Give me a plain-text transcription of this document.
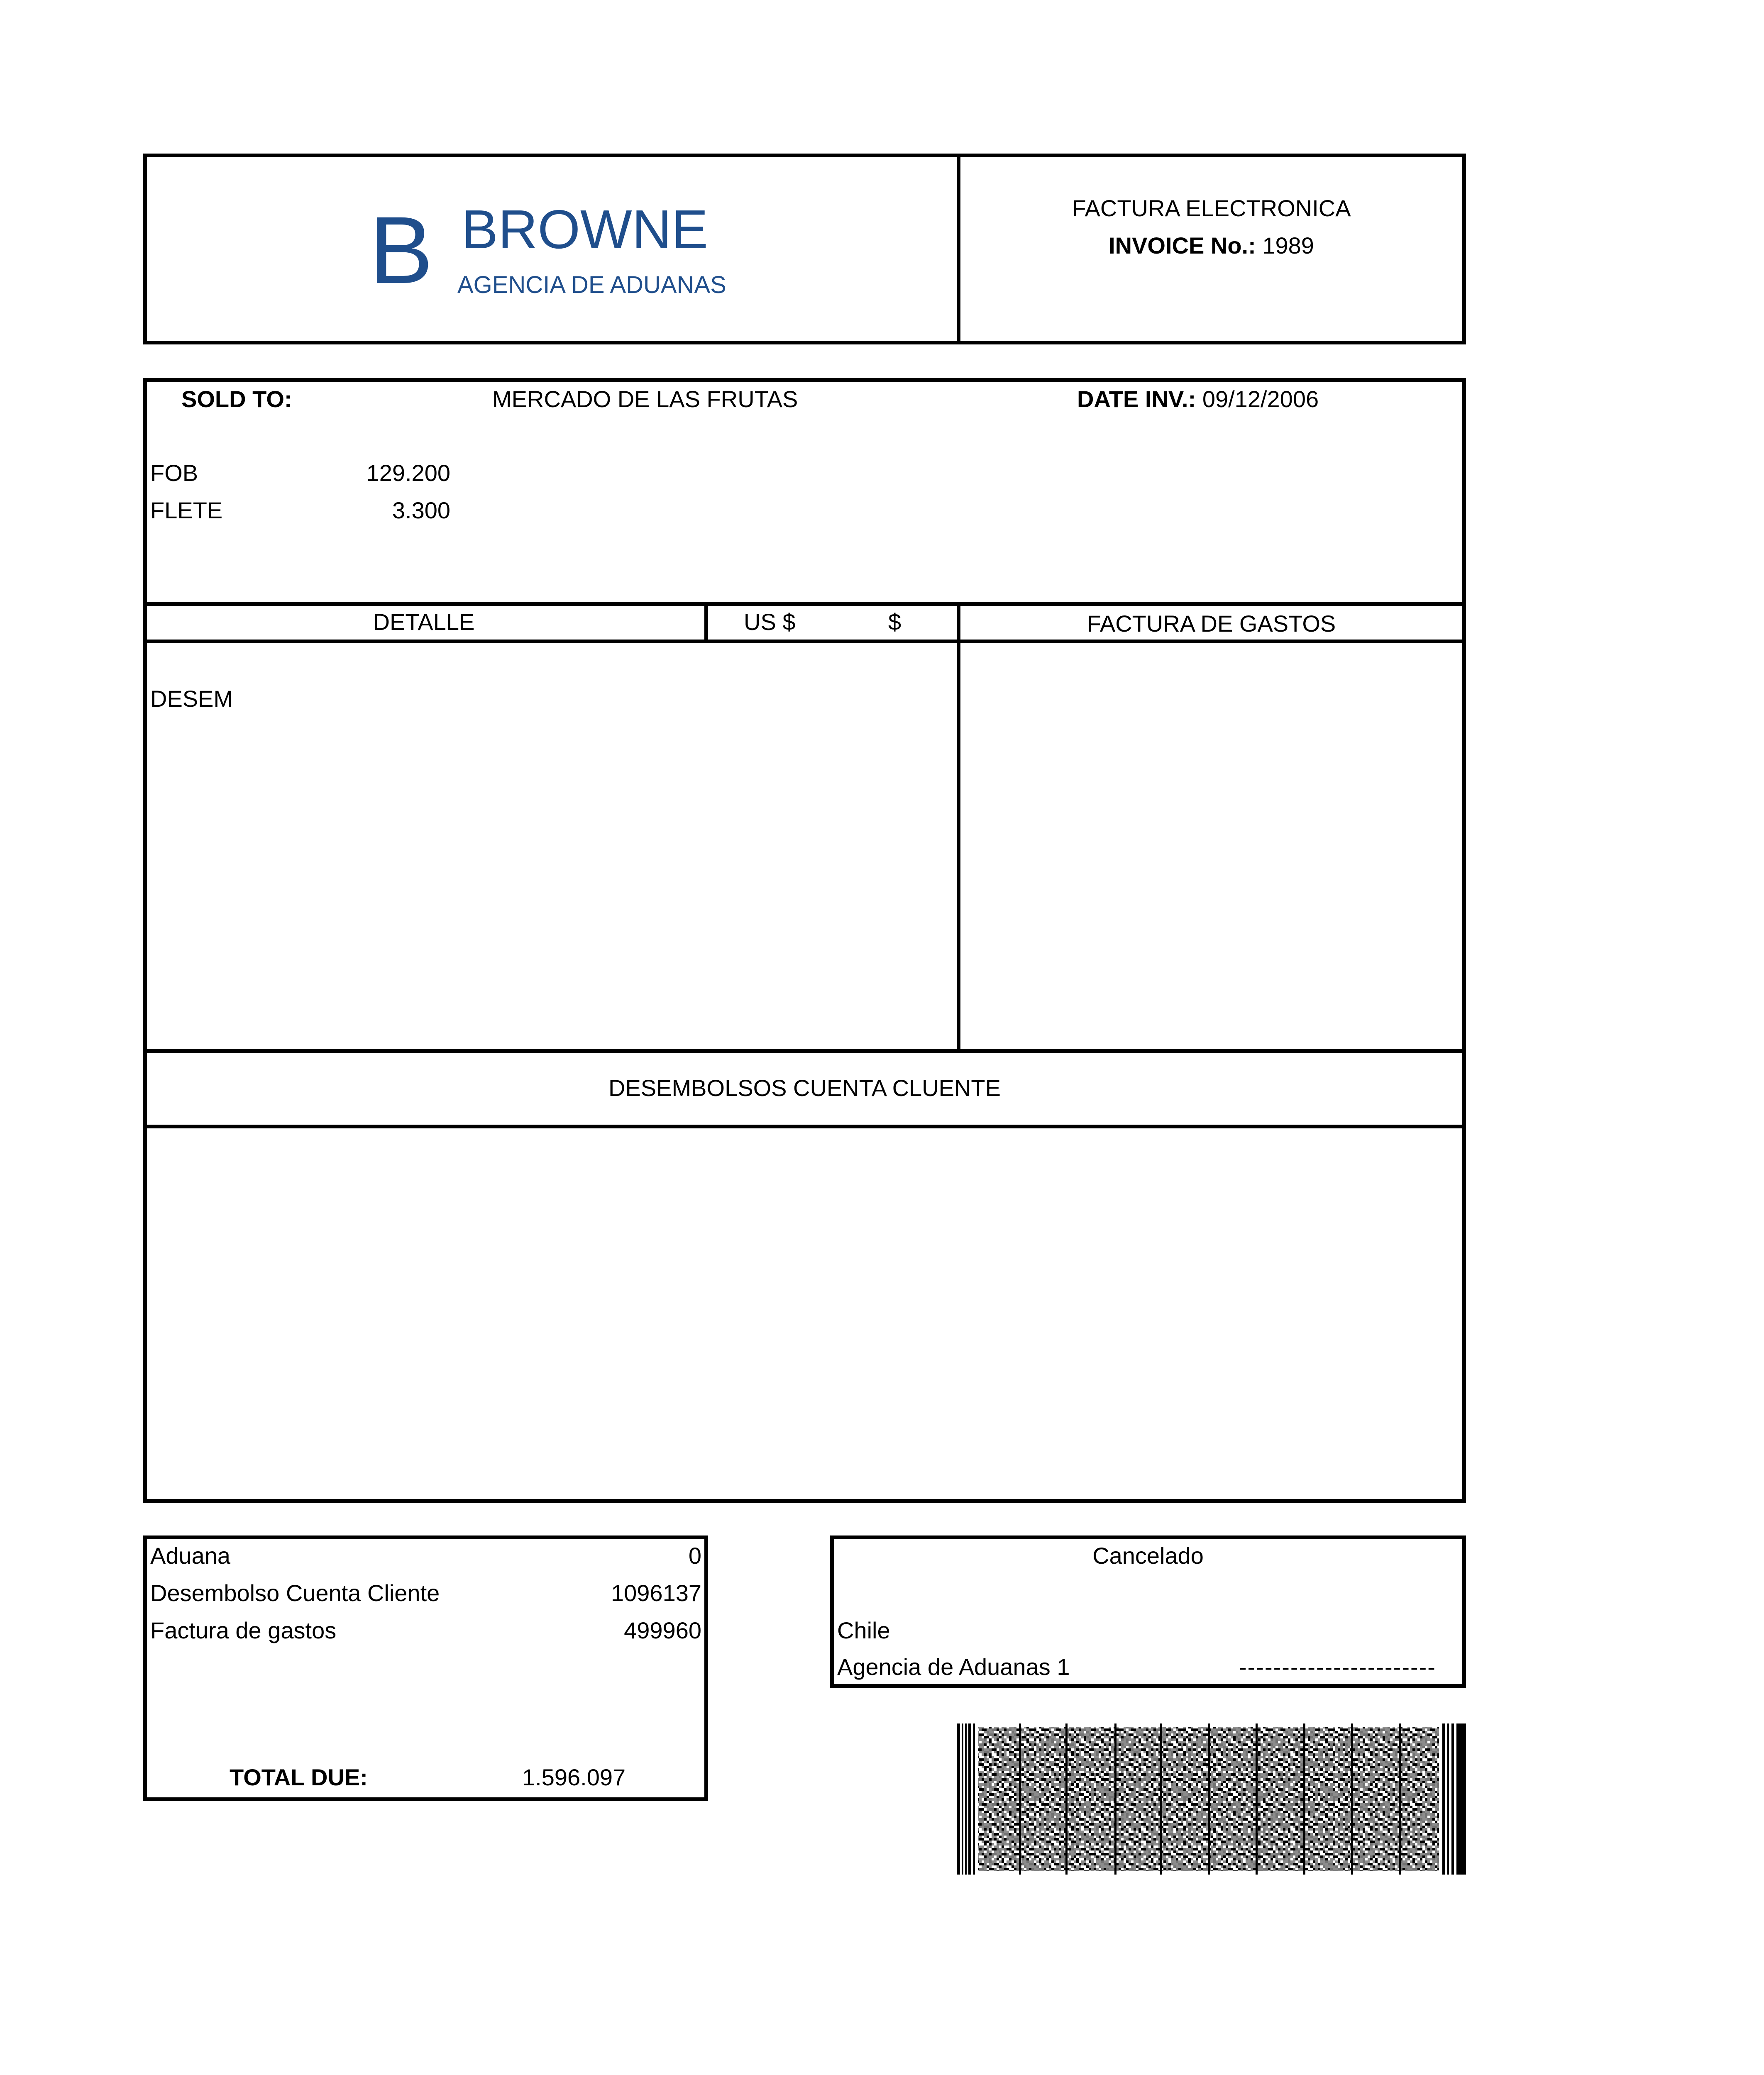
B BROWNE
AGENCIA DE ADUANAS
FACTURA ELECTRONICA
INVOICE No.: 1989
SOLD TO:	MERCADO DE LAS FRUTAS	DATE INV.: 09/12/2006
FOB	129.200
FLETE	3.300
DETALLE	US $	$	FACTURA DE GASTOS
DESEM
DESEMBOLSOS CUENTA CLUENTE
Aduana	0
Desembolso Cuenta Cliente	1096137
Factura de gastos	499960
TOTAL DUE:	1.596.097
Cancelado
Chile
Agencia de Aduanas 1	-----------------------
